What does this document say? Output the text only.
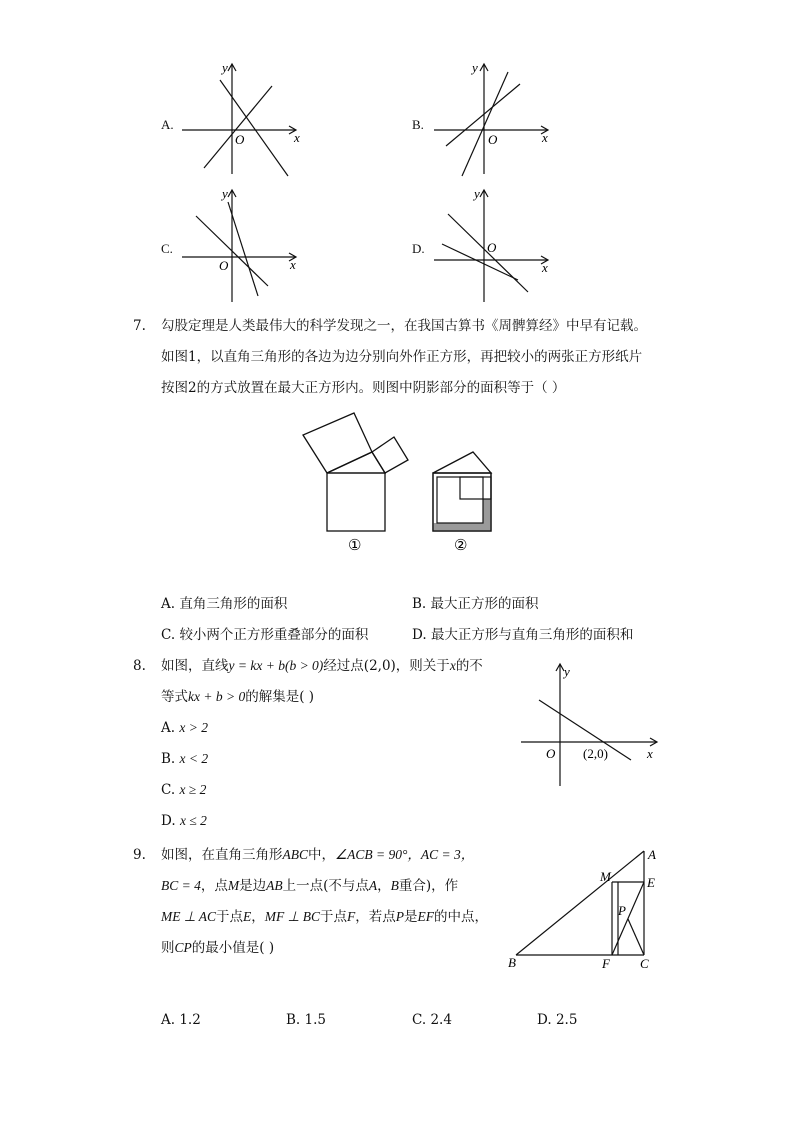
A.
x
y
O
B.
x
y
O
C.
x
y
O
D.
x
y
O
7. 勾股定理是人类最伟大的科学发现之一，在我国古算书《周髀算经》中早有记载。
如图1，以直角三角形的各边为边分别向外作正方形，再把较小的两张正方形纸片
按图2的方式放置在最大正方形内。则图中阴影部分的面积等于（ ）
①	②
A. 直角三角形的面积	B. 最大正方形的面积
C. 较小两个正方形重叠部分的面积	D. 最大正方形与直角三角形的面积和
8. 如图，直线y = kx + b(b > 0)经过点(2,0)，则关于x的不
等式kx + b > 0的解集是( )
A. x > 2
B. x < 2
C. x ≥ 2
D. x ≤ 2
y
x
O (2,0)
9. 如图，在直角三角形ABC中，∠ACB = 90°，AC = 3，
BC = 4，点M是边AB上一点(不与点A，B重合)，作
ME ⊥ AC于点E，MF ⊥ BC于点F，若点P是EF的中点，
则CP的最小值是( )
A
B	C
M	E
F
P
A. 1.2	B. 1.5	C. 2.4	D. 2.5
